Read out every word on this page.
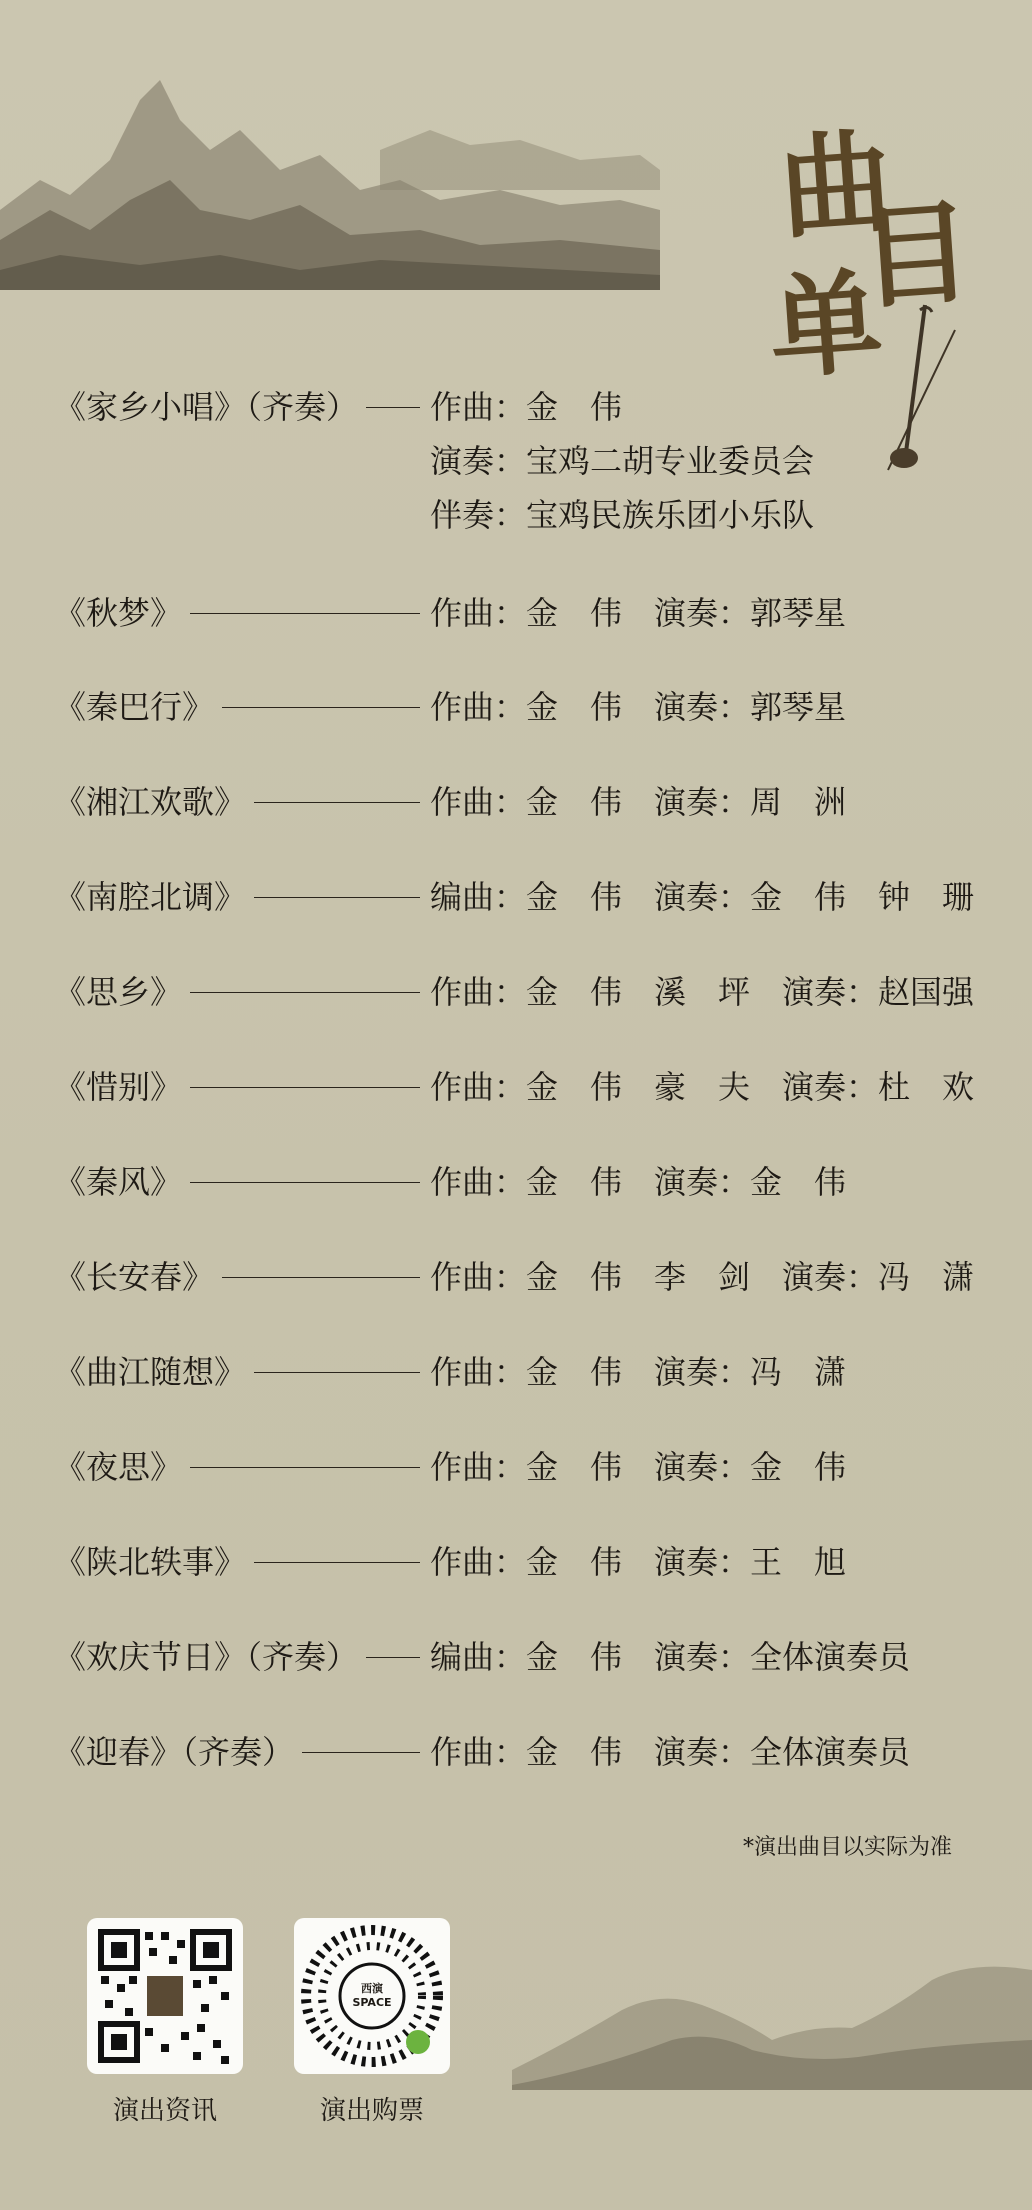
曲
目
单
《家乡小唱》（齐奏） 作曲：金　伟
演奏：宝鸡二胡专业委员会
伴奏：宝鸡民族乐团小乐队
《秋梦》	作曲：金　伟　演奏：郭琴星
《秦巴行》	作曲：金　伟　演奏：郭琴星
《湘江欢歌》	作曲：金　伟　演奏：周　洲
《南腔北调》	编曲：金　伟　演奏：金　伟　钟　珊
《思乡》	作曲：金　伟　溪　坪　演奏：赵国强
《惜别》	作曲：金　伟　豪　夫　演奏：杜　欢
《秦风》	作曲：金　伟　演奏：金　伟
《长安春》	作曲：金　伟　李　剑　演奏：冯　潇
《曲江随想》	作曲：金　伟　演奏：冯　潇
《夜思》	作曲：金　伟　演奏：金　伟
《陕北轶事》	作曲：金　伟　演奏：王　旭
《欢庆节日》（齐奏） 编曲：金　伟　演奏：全体演奏员
《迎春》（齐奏）	作曲：金　伟　演奏：全体演奏员
*演出曲目以实际为准
演出资讯
西演 SPACE
演出购票
